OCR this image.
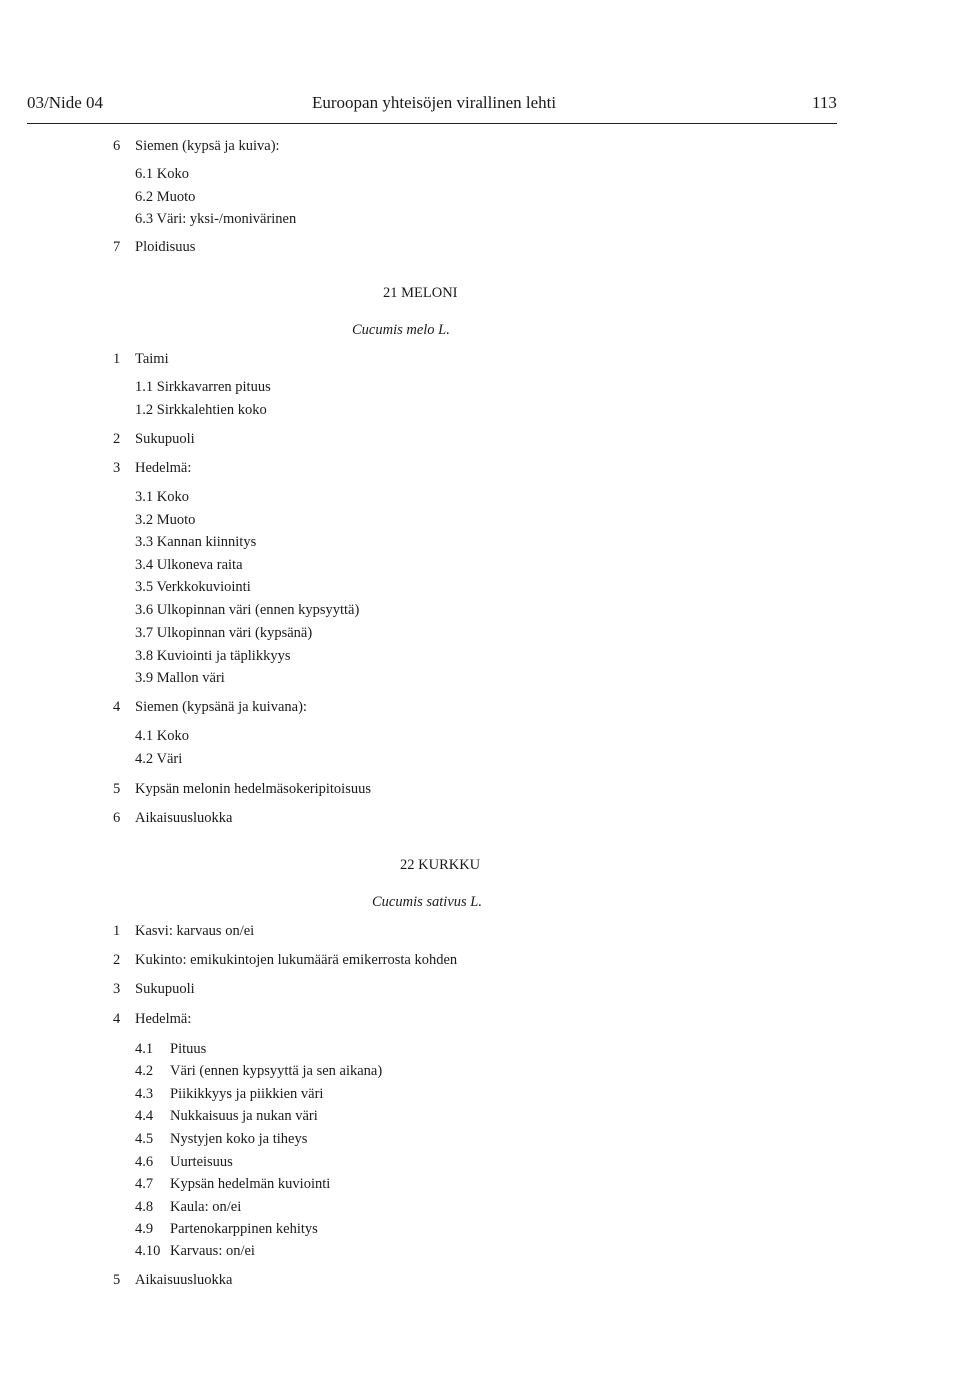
03/Nide 04	Euroopan yhteisöjen virallinen lehti	113
6 Siemen (kypsä ja kuiva):
6.1 Koko
6.2 Muoto
6.3 Väri: yksi-/monivärinen
7 Ploidisuus
21 MELONI
Cucumis melo L.
1 Taimi
1.1 Sirkkavarren pituus
1.2 Sirkkalehtien koko
2 Sukupuoli
3 Hedelmä:
3.1 Koko
3.2 Muoto
3.3 Kannan kiinnitys
3.4 Ulkoneva raita
3.5 Verkkokuviointi
3.6 Ulkopinnan väri (ennen kypsyyttä)
3.7 Ulkopinnan väri (kypsänä)
3.8 Kuviointi ja täplikkyys
3.9 Mallon väri
4 Siemen (kypsänä ja kuivana):
4.1 Koko
4.2 Väri
5 Kypsän melonin hedelmäsokeripitoisuus
6 Aikaisuusluokka
22 KURKKU
Cucumis sativus L.
1 Kasvi: karvaus on/ei
2 Kukinto: emikukintojen lukumäärä emikerrosta kohden
3 Sukupuoli
4 Hedelmä:
4.1 Pituus
4.2 Väri (ennen kypsyyttä ja sen aikana)
4.3 Piikikkyys ja piikkien väri
4.4 Nukkaisuus ja nukan väri
4.5 Nystyjen koko ja tiheys
4.6 Uurteisuus
4.7 Kypsän hedelmän kuviointi
4.8 Kaula: on/ei
4.9 Partenokarppinen kehitys
4.10 Karvaus: on/ei
5 Aikaisuusluokka
